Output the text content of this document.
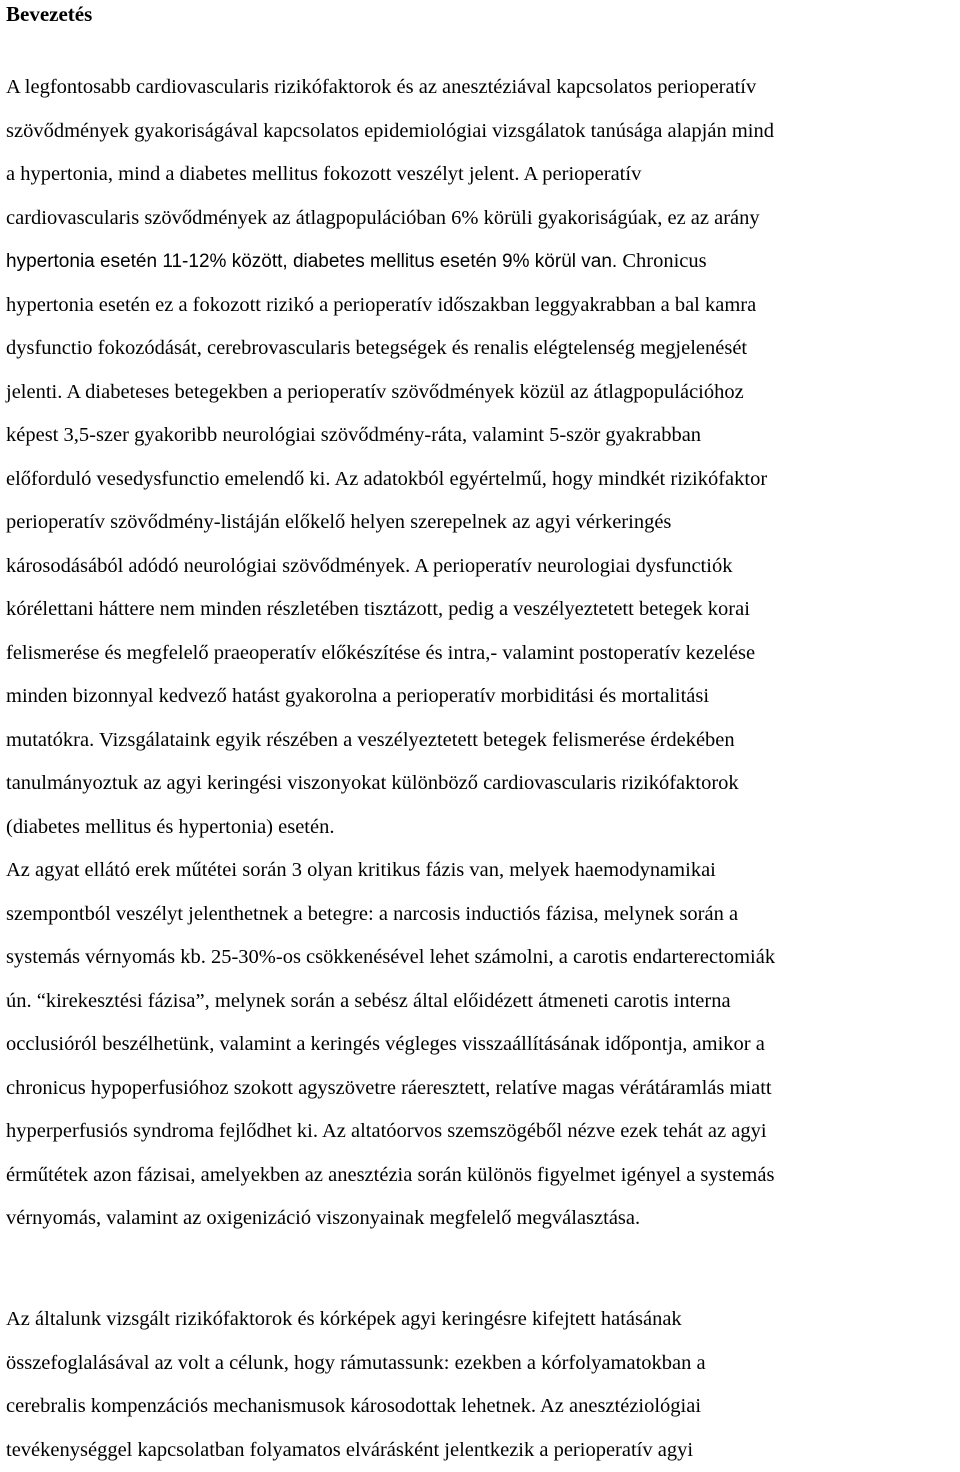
Bevezetés
A legfontosabb cardiovascularis rizikófaktorok és az anesztéziával kapcsolatos perioperatív
szövődmények gyakoriságával kapcsolatos epidemiológiai vizsgálatok tanúsága alapján mind
a hypertonia, mind a diabetes mellitus fokozott veszélyt jelent. A perioperatív
cardiovascularis szövődmények az átlagpopulációban 6% körüli gyakoriságúak, ez az arány
hypertonia esetén 11-12% között, diabetes mellitus esetén 9% körül van. Chronicus
hypertonia esetén ez a fokozott rizikó a perioperatív időszakban leggyakrabban a bal kamra
dysfunctio fokozódását, cerebrovascularis betegségek és renalis elégtelenség megjelenését
jelenti. A diabeteses betegekben a perioperatív szövődmények közül az átlagpopulációhoz
képest 3,5-szer gyakoribb neurológiai szövődmény-ráta, valamint 5-ször gyakrabban
előforduló vesedysfunctio emelendő ki. Az adatokból egyértelmű, hogy mindkét rizikófaktor
perioperatív szövődmény-listáján előkelő helyen szerepelnek az agyi vérkeringés
károsodásából adódó neurológiai szövődmények. A perioperatív neurologiai dysfunctiók
kórélettani háttere nem minden részletében tisztázott, pedig a veszélyeztetett betegek korai
felismerése és megfelelő praeoperatív előkészítése és intra,- valamint postoperatív kezelése
minden bizonnyal kedvező hatást gyakorolna a perioperatív morbiditási és mortalitási
mutatókra. Vizsgálataink egyik részében a veszélyeztetett betegek felismerése érdekében
tanulmányoztuk az agyi keringési viszonyokat különböző cardiovascularis rizikófaktorok
(diabetes mellitus és hypertonia) esetén.
Az agyat ellátó erek műtétei során 3 olyan kritikus fázis van, melyek haemodynamikai
szempontból veszélyt jelenthetnek a betegre: a narcosis inductiós fázisa, melynek során a
systemás vérnyomás kb. 25-30%-os csökkenésével lehet számolni, a carotis endarterectomiák
ún. “kirekesztési fázisa”, melynek során a sebész által előidézett átmeneti carotis interna
occlusióról beszélhetünk, valamint a keringés végleges visszaállításának időpontja, amikor a
chronicus hypoperfusióhoz szokott agyszövetre ráeresztett, relatíve magas vérátáramlás miatt
hyperperfusiós syndroma fejlődhet ki. Az altatóorvos szemszögéből nézve ezek tehát az agyi
érműtétek azon fázisai, amelyekben az anesztézia során különös figyelmet igényel a systemás
vérnyomás, valamint az oxigenizáció viszonyainak megfelelő megválasztása.
Az általunk vizsgált rizikófaktorok és kórképek agyi keringésre kifejtett hatásának
összefoglalásával az volt a célunk, hogy rámutassunk: ezekben a kórfolyamatokban a
cerebralis kompenzációs mechanismusok károsodottak lehetnek. Az anesztéziológiai
tevékenységgel kapcsolatban folyamatos elvárásként jelentkezik a perioperatív agyi
